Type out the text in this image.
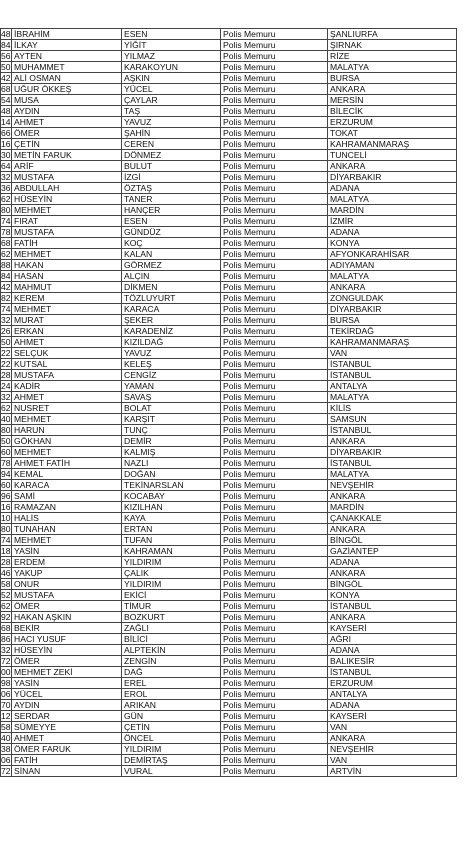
48	İBRAHİM	ESEN	Polis Memuru	ŞANLIURFA
84	İLKAY	YİĞİT	Polis Memuru	ŞIRNAK
56	AYTEN	YILMAZ	Polis Memuru	RİZE
50	MUHAMMET	KARAKOYUN	Polis Memuru	MALATYA
42	ALİ OSMAN	AŞKIN	Polis Memuru	BURSA
68	UĞUR ÖKKEŞ	YÜCEL	Polis Memuru	ANKARA
54	MUSA	ÇAYLAR	Polis Memuru	MERSİN
48	AYDIN	TAŞ	Polis Memuru	BİLECİK
14	AHMET	YAVUZ	Polis Memuru	ERZURUM
66	ÖMER	ŞAHİN	Polis Memuru	TOKAT
16	ÇETİN	CEREN	Polis Memuru	KAHRAMANMARAŞ
30	METİN FARUK	DÖNMEZ	Polis Memuru	TUNCELİ
64	ARİF	BULUT	Polis Memuru	ANKARA
32	MUSTAFA	İZGİ	Polis Memuru	DİYARBAKIR
36	ABDULLAH	ÖZTAŞ	Polis Memuru	ADANA
62	HÜSEYİN	TANER	Polis Memuru	MALATYA
80	MEHMET	HANÇER	Polis Memuru	MARDİN
74	FIRAT	ESEN	Polis Memuru	İZMİR
78	MUSTAFA	GÜNDÜZ	Polis Memuru	ADANA
68	FATİH	KOÇ	Polis Memuru	KONYA
62	MEHMET	KALAN	Polis Memuru	AFYONKARAHİSAR
88	HAKAN	GÖRMEZ	Polis Memuru	ADIYAMAN
84	HASAN	ALÇIN	Polis Memuru	MALATYA
42	MAHMUT	DİKMEN	Polis Memuru	ANKARA
82	KEREM	TÖZLUYURT	Polis Memuru	ZONGULDAK
74	MEHMET	KARACA	Polis Memuru	DİYARBAKIR
32	MURAT	ŞEKER	Polis Memuru	BURSA
26	ERKAN	KARADENİZ	Polis Memuru	TEKİRDAĞ
50	AHMET	KIZILDAĞ	Polis Memuru	KAHRAMANMARAŞ
22	SELÇUK	YAVUZ	Polis Memuru	VAN
22	KUTSAL	KELEŞ	Polis Memuru	İSTANBUL
28	MUSTAFA	CENGİZ	Polis Memuru	İSTANBUL
24	KADİR	YAMAN	Polis Memuru	ANTALYA
32	AHMET	SAVAŞ	Polis Memuru	MALATYA
62	NUSRET	BOLAT	Polis Memuru	KİLİS
40	MEHMET	KARŞIT	Polis Memuru	SAMSUN
80	HARUN	TUNÇ	Polis Memuru	İSTANBUL
50	GÖKHAN	DEMİR	Polis Memuru	ANKARA
60	MEHMET	KALMIŞ	Polis Memuru	DİYARBAKIR
78	AHMET FATİH	NAZLI	Polis Memuru	İSTANBUL
94	KEMAL	DOĞAN	Polis Memuru	MALATYA
60	KARACA	TEKİNARSLAN	Polis Memuru	NEVŞEHİR
96	SAMİ	KOCABAY	Polis Memuru	ANKARA
16	RAMAZAN	KIZILHAN	Polis Memuru	MARDİN
10	HALİS	KAYA	Polis Memuru	ÇANAKKALE
80	TUNAHAN	ERTAN	Polis Memuru	ANKARA
74	MEHMET	TUFAN	Polis Memuru	BİNGÖL
18	YASİN	KAHRAMAN	Polis Memuru	GAZİANTEP
28	ERDEM	YILDIRIM	Polis Memuru	ADANA
46	YAKUP	ÇALIK	Polis Memuru	ANKARA
58	ONUR	YILDIRIM	Polis Memuru	BİNGÖL
52	MUSTAFA	EKİCİ	Polis Memuru	KONYA
62	ÖMER	TİMUR	Polis Memuru	İSTANBUL
92	HAKAN AŞKIN	BOZKURT	Polis Memuru	ANKARA
68	BEKİR	ZAĞLI	Polis Memuru	KAYSERİ
86	HACI YUSUF	BİLİCİ	Polis Memuru	AĞRI
32	HÜSEYİN	ALPTEKİN	Polis Memuru	ADANA
72	ÖMER	ZENGİN	Polis Memuru	BALIKESİR
00	MEHMET ZEKİ	DAĞ	Polis Memuru	İSTANBUL
98	YASİN	EREL	Polis Memuru	ERZURUM
06	YÜCEL	EROL	Polis Memuru	ANTALYA
70	AYDIN	ARIKAN	Polis Memuru	ADANA
12	SERDAR	GÜN	Polis Memuru	KAYSERİ
58	SÜMEYYE	ÇETİN	Polis Memuru	VAN
40	AHMET	ÖNCEL	Polis Memuru	ANKARA
38	ÖMER FARUK	YILDIRIM	Polis Memuru	NEVŞEHİR
06	FATİH	DEMİRTAŞ	Polis Memuru	VAN
72	SİNAN	VURAL	Polis Memuru	ARTVİN
